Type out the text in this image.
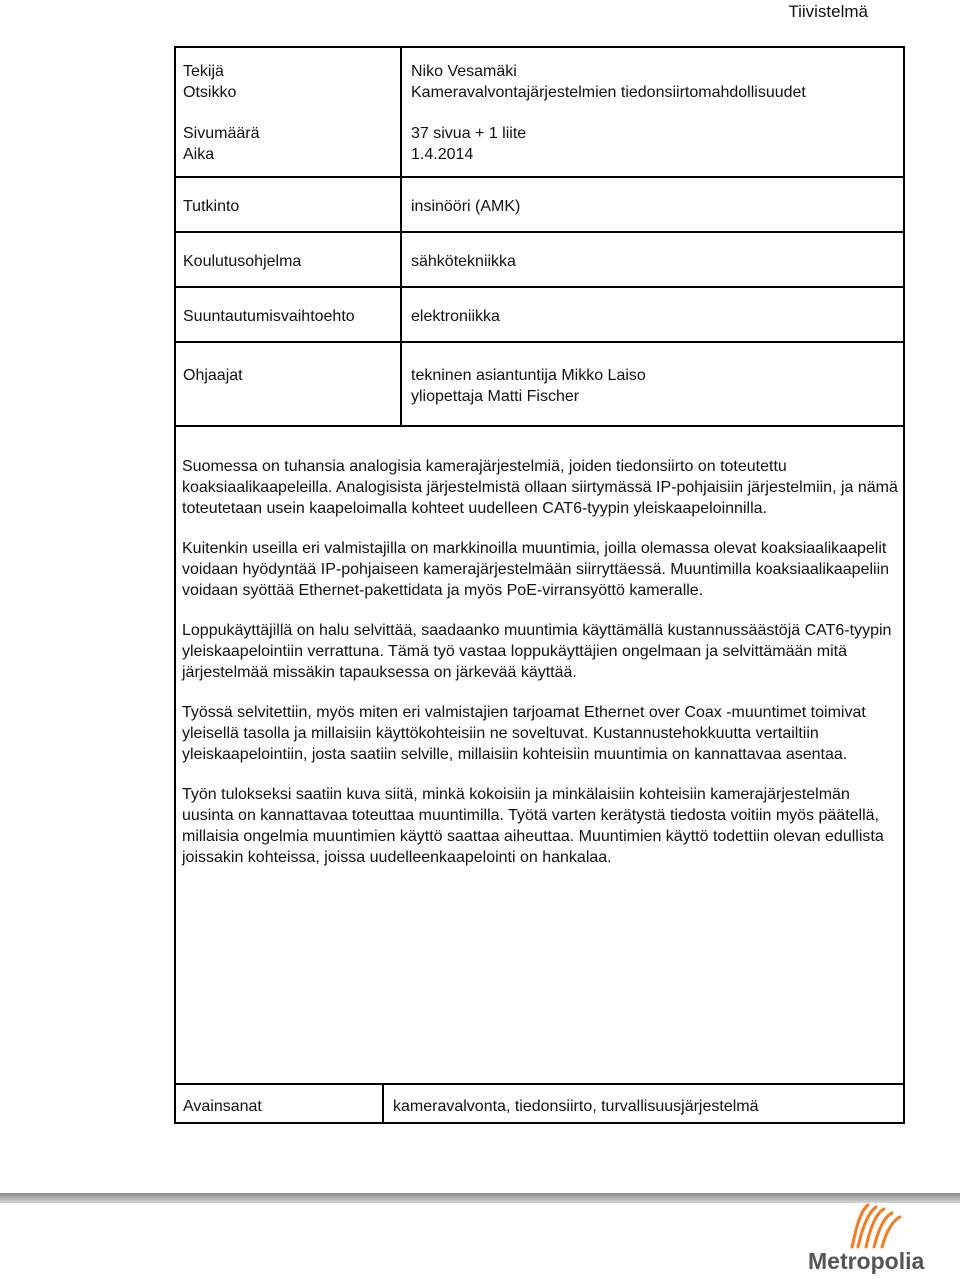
Tiivistelmä
Tekijä
Otsikko
Sivumäärä
Aika
Tutkinto
Koulutusohjelma
Suuntautumisvaihtoehto
Ohjaajat
Niko Vesamäki
Kameravalvontajärjestelmien tiedonsiirtomahdollisuudet
37 sivua + 1 liite
1.4.2014
insinööri (AMK)
sähkötekniikka
elektroniikka
tekninen asiantuntija Mikko Laiso
yliopettaja Matti Fischer

Suomessa on tuhansia analogisia kamerajärjestelmiä, joiden tiedonsiirto on toteutettu koaksiaalikaapeleilla. Analogisista järjestelmistä ollaan siirtymässä IP-pohjaisiin järjestelmiin, ja nämä toteutetaan usein kaapeloimalla kohteet uudelleen CAT6-tyypin yleiskaapeloinnilla.

Kuitenkin useilla eri valmistajilla on markkinoilla muuntimia, joilla olemassa olevat koaksiaalikaapelit voidaan hyödyntää IP-pohjaiseen kamerajärjestelmään siirryttäessä. Muuntimilla koaksiaalikaapeliin voidaan syöttää Ethernet-pakettidata ja myös PoE-virransyöttö kameralle.

Loppukäyttäjillä on halu selvittää, saadaanko muuntimia käyttämällä kustannussäästöjä CAT6-tyypin yleiskaapelointiin verrattuna. Tämä työ vastaa loppukäyttäjien ongelmaan ja selvittämään mitä järjestelmää missäkin tapauksessa on järkevää käyttää.

Työssä selvitettiin, myös miten eri valmistajien tarjoamat Ethernet over Coax -muuntimet toimivat yleisellä tasolla ja millaisiin käyttökohteisiin ne soveltuvat. Kustannustehokkuutta vertailtiin yleiskaapelointiin, josta saatiin selville, millaisiin kohteisiin muuntimia on kannattavaa asentaa.

Työn tulokseksi saatiin kuva siitä, minkä kokoisiin ja minkälaisiin kohteisiin kamerajärjestelmän uusinta on kannattavaa toteuttaa muuntimilla. Työtä varten kerätystä tiedosta voitiin myös päätellä, millaisia ongelmia muuntimien käyttö saattaa aiheuttaa. Muuntimien käyttö todettiin olevan edullista joissakin kohteissa, joissa uudelleenkaapelointi on hankalaa.

Avainsanat	kameravalvonta, tiedonsiirto, turvallisuusjärjestelmä
Metropolia
